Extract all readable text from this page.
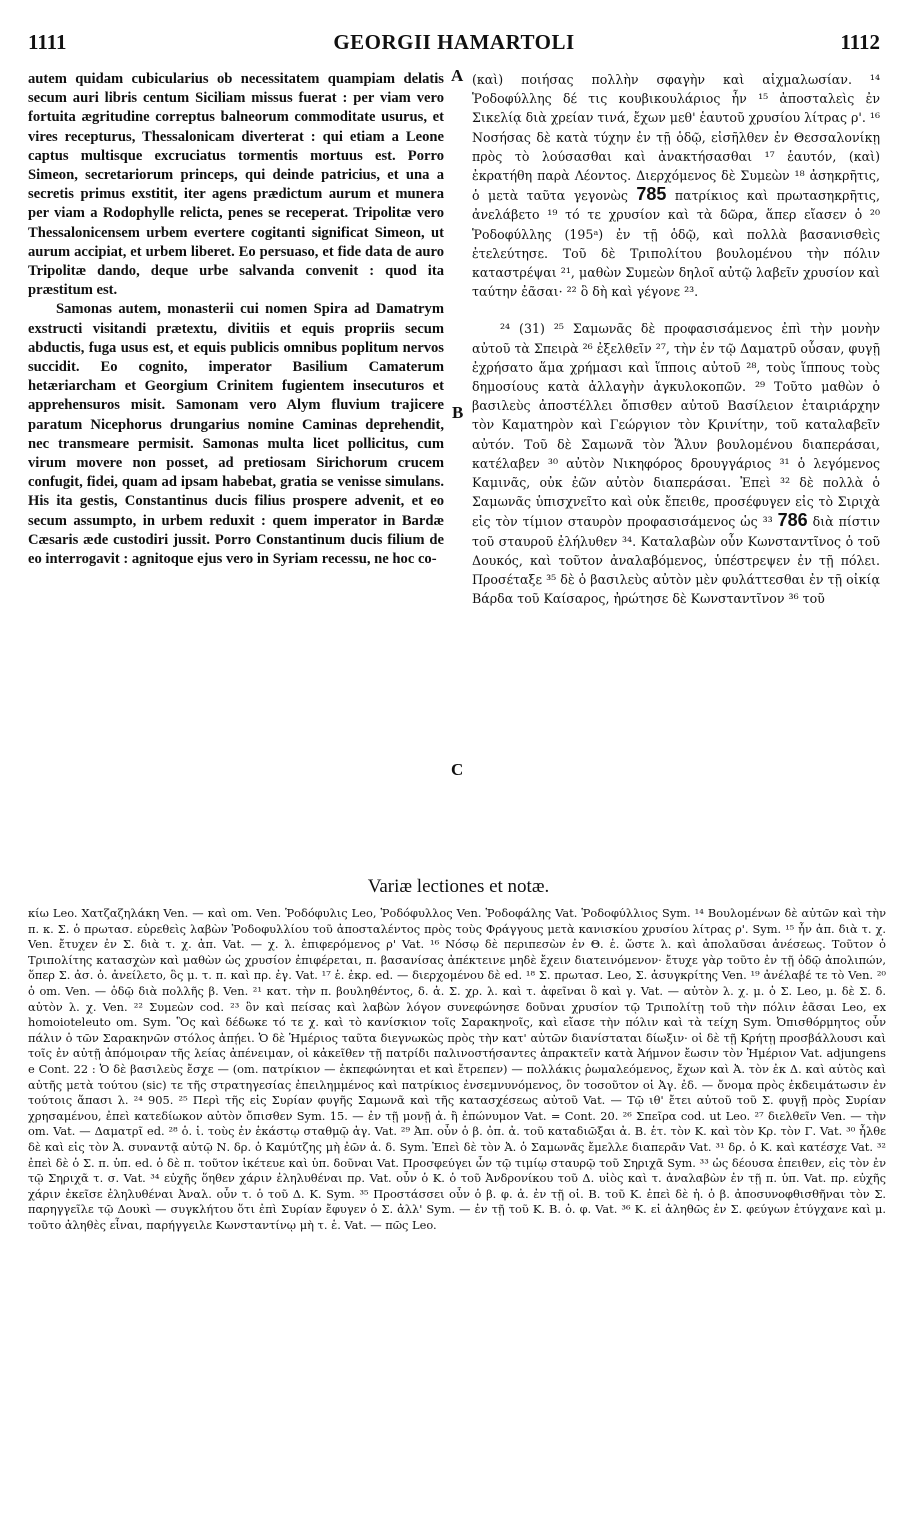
1111	GEORGII HAMARTOLI	1112
A
B
C

autem quidam cubicularius ob necessitatem quampiam delatis secum auri libris centum Siciliam missus fuerat : per viam vero fortuita ægritudine correptus balneorum commoditate usurus, et vires recepturus, Thessalonicam diverterat : qui etiam a Leone captus multisque excruciatus tormentis mortuus est. Porro Simeon, secretariorum princeps, qui deinde patricius, et una a secretis primus exstitit, iter agens prædictum aurum et munera per viam a Rodophylle relicta, penes se receperat. Tripolitæ vero Thessalonicensem urbem evertere cogitanti significat Simeon, ut aurum accipiat, et urbem liberet. Eo persuaso, et fide data de auro Tripolitæ dando, deque urbe salvanda convenit : quod ita præstitum est.

Samonas autem, monasterii cui nomen Spira ad Damatrym exstructi visitandi prætextu, divitiis et equis propriis secum abductis, fuga usus est, et equis publicis omnibus poplitum nervos succidit. Eo cognito, imperator Basilium Camaterum hetæriarcham et Georgium Crinitem fugientem insecuturos et apprehensuros misit. Samonam vero Alym fluvium trajicere paratum Nicephorus drungarius nomine Caminas deprehendit, nec transmeare permisit. Samonas multa licet pollicitus, cum virum movere non posset, ad pretiosam Sirichorum crucem confugit, fidei, quam ad ipsam habebat, gratia se venisse simulans. His ita gestis, Constantinus ducis filius prospere advenit, et eo secum assumpto, in urbem reduxit : quem imperator in Bardæ Cæsaris æde custodiri jussit. Porro Constantinum ducis filium de eo interrogavit : agnitoque ejus vero in Syriam recessu, ne hoc co-

(καὶ) ποιήσας πολλὴν σφαγὴν καὶ αἰχμαλωσίαν. ¹⁴ Ῥοδοφύλλης δέ τις κουβικουλάριος ἦν ¹⁵ ἀποσταλεὶς ἐν Σικελίᾳ διὰ χρείαν τινά, ἔχων μεθ' ἑαυτοῦ χρυσίου λίτρας ρ'. ¹⁶ Νοσήσας δὲ κατὰ τύχην ἐν τῇ ὁδῷ, εἰσῆλθεν ἐν Θεσσαλονίκῃ πρὸς τὸ λούσασθαι καὶ ἀνακτήσασθαι ¹⁷ ἑαυτόν, (καὶ) ἐκρατήθη παρὰ Λέοντος. Διερχόμενος δὲ Συμεὼν ¹⁸ ἀσηκρῆτις, ὁ μετὰ ταῦτα γεγονὼς 785 πατρίκιος καὶ πρωτασηκρῆτις, ἀνελάβετο ¹⁹ τό τε χρυσίον καὶ τὰ δῶρα, ἅπερ εἴασεν ὁ ²⁰ Ῥοδοφύλλης (195ᵃ) ἐν τῇ ὁδῷ, καὶ πολλὰ βασανισθεὶς ἐτελεύτησε. Τοῦ δὲ Τριπολίτου βουλομένου τὴν πόλιν καταστρέψαι ²¹, μαθὼν Συμεὼν δηλοῖ αὐτῷ λαβεῖν χρυσίον καὶ ταύτην ἐᾶσαι· ²² ὃ δὴ καὶ γέγονε ²³.

²⁴ (31) ²⁵ Σαμωνᾶς δὲ προφασισάμενος ἐπὶ τὴν μονὴν αὐτοῦ τὰ Σπειρὰ ²⁶ ἐξελθεῖν ²⁷, τὴν ἐν τῷ Δαματρῦ οὖσαν, φυγῇ ἐχρήσατο ἅμα χρήμασι καὶ ἵπποις αὐτοῦ ²⁸, τοὺς ἵππους τοὺς δημοσίους κατὰ ἀλλαγὴν ἀγκυλοκοπῶν. ²⁹ Τοῦτο μαθὼν ὁ βασιλεὺς ἀποστέλλει ὄπισθεν αὐτοῦ Βασίλειον ἑταιριάρχην τὸν Καματηρὸν καὶ Γεώργιον τὸν Κρινίτην, τοῦ καταλαβεῖν αὐτόν. Τοῦ δὲ Σαμωνᾶ τὸν Ἅλυν βουλομένου διαπεράσαι, κατέλαβεν ³⁰ αὐτὸν Νικηφόρος δρουγγάριος ³¹ ὁ λεγόμενος Καμινᾶς, οὐκ ἐῶν αὐτὸν διαπεράσαι. Ἐπεὶ ³² δὲ πολλὰ ὁ Σαμωνᾶς ὑπισχνεῖτο καὶ οὐκ ἔπειθε, προσέφυγεν εἰς τὸ Σιριχὰ εἰς τὸν τίμιον σταυρὸν προφασισάμενος ὡς ³³ 786 διὰ πίστιν τοῦ σταυροῦ ἐλήλυθεν ³⁴. Καταλαβὼν οὖν Κωνσταντῖνος ὁ τοῦ Δουκός, καὶ τοῦτον ἀναλαβόμενος, ὑπέστρεψεν ἐν τῇ πόλει. Προσέταξε ³⁵ δὲ ὁ βασιλεὺς αὐτὸν μὲν φυλάττεσθαι ἐν τῇ οἰκίᾳ Βάρδα τοῦ Καίσαρος, ἠρώτησε δὲ Κωνσταντῖνον ³⁶ τοῦ

Variæ lectiones et notæ.

κίω Leo. Χατζαζηλάκη Ven. — καὶ om. Ven. Ῥοδόφυλις Leo, Ῥοδόφυλλος Ven. Ῥοδοφάλης Vat. Ῥοδοφύλλιος Sym. ¹⁴ Βουλομένων δὲ αὐτῶν καὶ τὴν π. κ. Σ. ὁ πρωτασ. εὑρεθεὶς λαβὼν Ῥοδοφυλλίου τοῦ ἀποσταλέντος πρὸς τοὺς Φράγγους μετὰ κανισκίου χρυσίου λίτρας ρ'. Sym. ¹⁵ ἦν ἀπ. διὰ τ. χ. Ven. ἔτυχεν ἐν Σ. διὰ τ. χ. ἀπ. Vat. — χ. λ. ἐπιφερόμενος ρ' Vat. ¹⁶ Νόσῳ δὲ περιπεσὼν ἐν Θ. ἐ. ὥστε λ. καὶ ἀπολαῦσαι ἀνέσεως. Τοῦτον ὁ Τριπολίτης κατασχὼν καὶ μαθὼν ὡς χρυσίον ἐπιφέρεται, π. βασανίσας ἀπέκτεινε μηδὲ ἔχειν διατεινόμενον· ἔτυχε γὰρ τοῦτο ἐν τῇ ὁδῷ ἀπολιπών, ὅπερ Σ. ἀσ. ὁ. ἀνείλετο, ὃς μ. τ. π. καὶ πρ. ἐγ. Vat. ¹⁷ ἑ. ἐκρ. ed. — διερχομένου δὲ ed. ¹⁸ Σ. πρωτασ. Leo, Σ. ἀσυγκρίτης Ven. ¹⁹ ἀνέλαβέ τε τὸ Ven. ²⁰ ὁ om. Ven. — ὁδῷ διὰ πολλῆς β. Ven. ²¹ κατ. τὴν π. βουληθέντος, δ. ἀ. Σ. χρ. λ. καὶ τ. ἀφεῖναι ὃ καὶ γ. Vat. — αὐτὸν λ. χ. μ. ὁ Σ. Leo, μ. δὲ Σ. δ. αὐτὸν λ. χ. Ven. ²² Συμεὼν cod. ²³ ὃν καὶ πείσας καὶ λαβὼν λόγον συνεφώνησε δοῦναι χρυσίον τῷ Τριπολίτῃ τοῦ τὴν πόλιν ἐᾶσαι Leo, ex homoioteleuto om. Sym. Ὃς καὶ δέδωκε τό τε χ. καὶ τὸ κανίσκιον τοῖς Σαρακηνοῖς, καὶ εἴασε τὴν πόλιν καὶ τὰ τείχη Sym. Ὀπισθόρμητος οὖν πάλιν ὁ τῶν Σαρακηνῶν στόλος ἀπῄει. Ὁ δὲ Ἡμέριος ταῦτα διεγνωκὼς πρὸς τὴν κατ' αὐτῶν διανίσταται δίωξιν· οἱ δὲ τῇ Κρήτῃ προσβάλλουσι καὶ τοῖς ἐν αὐτῇ ἀπόμοιραν τῆς λείας ἀπένειμαν, οἱ κἀκεῖθεν τῇ πατρίδι παλινοστήσαντες ἀπρακτεῖν κατὰ Ἀήμνον ἔωσιν τὸν Ἡμέριον Vat. adjungens e Cont. 22 : Ὁ δὲ βασιλεὺς ἔσχε — (om. πατρίκιον — ἐκπεφώνηται et καὶ ἔτρεπεν) — πολλάκις ῥωμαλεόμενος, ἔχων καὶ Ἀ. τὸν ἐκ Δ. καὶ αὐτὸς καὶ αὐτῆς μετὰ τούτου (sic) τε τῆς στρατηγεσίας ἐπειλημμένος καὶ πατρίκιος ἐνσεμνυνόμενος, ὃν τοσοῦτον οἱ Ἀγ. ἐδ. — ὄνομα πρὸς ἐκδειμάτωσιν ἐν τούτοις ἅπασι λ. ²⁴ 905. ²⁵ Περὶ τῆς εἰς Συρίαν φυγῆς Σαμωνᾶ καὶ τῆς κατασχέσεως αὐτοῦ Vat. — Τῷ ιθ' ἔτει αὐτοῦ τοῦ Σ. φυγῇ πρὸς Συρίαν χρησαμένου, ἐπεὶ κατεδίωκον αὐτὸν ὄπισθεν Sym. 15. — ἐν τῇ μονῇ ἀ. ἢ ἐπώνυμον Vat. = Cont. 20. ²⁶ Σπεῖρα cod. ut Leo. ²⁷ διελθεῖν Ven. — τὴν om. Vat. — Δαματρῖ ed. ²⁸ ὁ. ἰ. τοὺς ἐν ἑκάστῳ σταθμῷ ἀγ. Vat. ²⁹ Ἀπ. οὖν ὁ β. ὀπ. ἀ. τοῦ καταδιῶξαι ἀ. Β. ἑτ. τὸν Κ. καὶ τὸν Κρ. τὸν Γ. Vat. ³⁰ ἦλθε δὲ καὶ εἰς τὸν Ἀ. συναντᾷ αὐτῷ Ν. δρ. ὁ Καμύτζης μὴ ἐῶν ἀ. δ. Sym. Ἐπεὶ δὲ τὸν Ἀ. ὁ Σαμωνᾶς ἔμελλε διαπερᾶν Vat. ³¹ δρ. ὁ Κ. καὶ κατέσχε Vat. ³² ἐπεὶ δὲ ὁ Σ. π. ὑπ. ed. ὁ δὲ π. τοῦτον ἱκέτευε καὶ ὑπ. δοῦναι Vat. Προσφεύγει ὧν τῷ τιμίῳ σταυρῷ τοῦ Σηριχᾶ Sym. ³³ ὡς δέουσα ἐπειθεν, εἰς τὸν ἐν τῷ Σηριχᾶ τ. σ. Vat. ³⁴ εὐχῆς ὅηθεν χάριν ἐληλυθέναι πρ. Vat. οὖν ὁ Κ. ὁ τοῦ Ἀνδρονίκου τοῦ Δ. υἱὸς καὶ τ. ἀναλαβὼν ἐν τῇ π. ὑπ. Vat. πρ. εὐχῆς χάριν ἐκεῖσε ἐληλυθέναι Ἀναλ. οὖν τ. ὁ τοῦ Δ. Κ. Sym. ³⁵ Προστάσσει οὖν ὁ β. φ. ἀ. ἐν τῇ οἱ. Β. τοῦ Κ. ἐπεὶ δὲ ἡ. ὁ β. ἀποσυνοφθισθῆναι τὸν Σ. παρηγγεῖλε τῷ Δουκὶ — συγκλήτου ὅτι ἐπὶ Συρίαν ἔφυγεν ὁ Σ. ἀλλ' Sym. — ἐν τῇ τοῦ Κ. Β. ὁ. φ. Vat. ³⁶ Κ. εἰ ἀληθῶς ἐν Σ. φεύγων ἐτύγχανε καὶ μ. τοῦτο ἀληθὲς εἶναι, παρήγγειλε Κωνσταντίνῳ μὴ τ. ἑ. Vat. — πῶς Leo.
